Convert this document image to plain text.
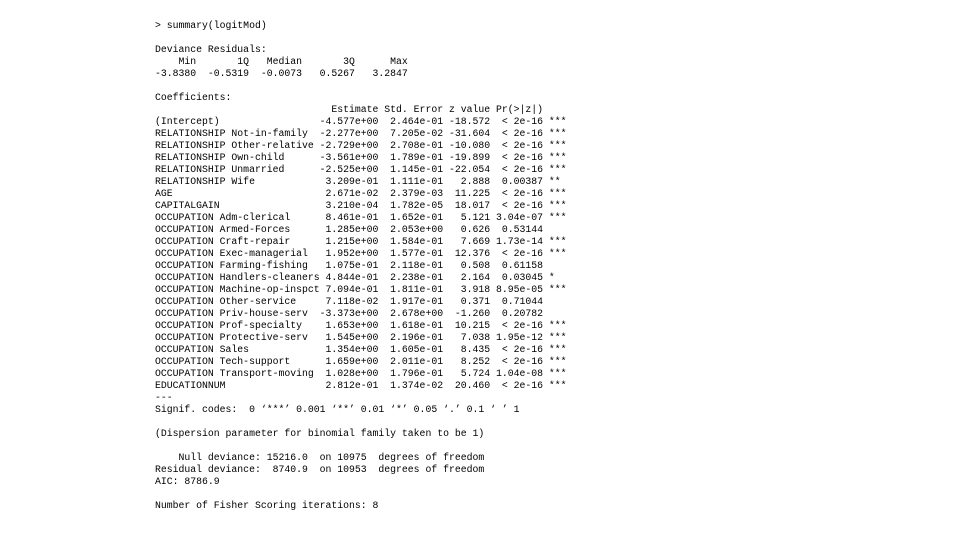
> summary(logitMod)
Deviance Residuals:
Min       1Q   Median       3Q      Max
-3.8380  -0.5319  -0.0073   0.5267   3.2847
Coefficients:
Estimate Std. Error z value Pr(>|z|)
(Intercept)                 -4.577e+00  2.464e-01 -18.572  < 2e-16 ***
RELATIONSHIP Not-in-family  -2.277e+00  7.205e-02 -31.604  < 2e-16 ***
RELATIONSHIP Other-relative -2.729e+00  2.708e-01 -10.080  < 2e-16 ***
RELATIONSHIP Own-child      -3.561e+00  1.789e-01 -19.899  < 2e-16 ***
RELATIONSHIP Unmarried      -2.525e+00  1.145e-01 -22.054  < 2e-16 ***
RELATIONSHIP Wife            3.209e-01  1.111e-01   2.888  0.00387 **
AGE                          2.671e-02  2.379e-03  11.225  < 2e-16 ***
CAPITALGAIN                  3.210e-04  1.782e-05  18.017  < 2e-16 ***
OCCUPATION Adm-clerical      8.461e-01  1.652e-01   5.121 3.04e-07 ***
OCCUPATION Armed-Forces      1.285e+00  2.053e+00   0.626  0.53144
OCCUPATION Craft-repair      1.215e+00  1.584e-01   7.669 1.73e-14 ***
OCCUPATION Exec-managerial   1.952e+00  1.577e-01  12.376  < 2e-16 ***
OCCUPATION Farming-fishing   1.075e-01  2.118e-01   0.508  0.61158
OCCUPATION Handlers-cleaners 4.844e-01  2.238e-01   2.164  0.03045 *
OCCUPATION Machine-op-inspct 7.094e-01  1.811e-01   3.918 8.95e-05 ***
OCCUPATION Other-service     7.118e-02  1.917e-01   0.371  0.71044
OCCUPATION Priv-house-serv  -3.373e+00  2.678e+00  -1.260  0.20782
OCCUPATION Prof-specialty    1.653e+00  1.618e-01  10.215  < 2e-16 ***
OCCUPATION Protective-serv   1.545e+00  2.196e-01   7.038 1.95e-12 ***
OCCUPATION Sales             1.354e+00  1.605e-01   8.435  < 2e-16 ***
OCCUPATION Tech-support      1.659e+00  2.011e-01   8.252  < 2e-16 ***
OCCUPATION Transport-moving  1.028e+00  1.796e-01   5.724 1.04e-08 ***
EDUCATIONNUM                 2.812e-01  1.374e-02  20.460  < 2e-16 ***
---
Signif. codes:  0 ‘***’ 0.001 ‘**’ 0.01 ‘*’ 0.05 ‘.’ 0.1 ‘ ’ 1
(Dispersion parameter for binomial family taken to be 1)
Null deviance: 15216.0  on 10975  degrees of freedom
Residual deviance:  8740.9  on 10953  degrees of freedom
AIC: 8786.9
Number of Fisher Scoring iterations: 8
